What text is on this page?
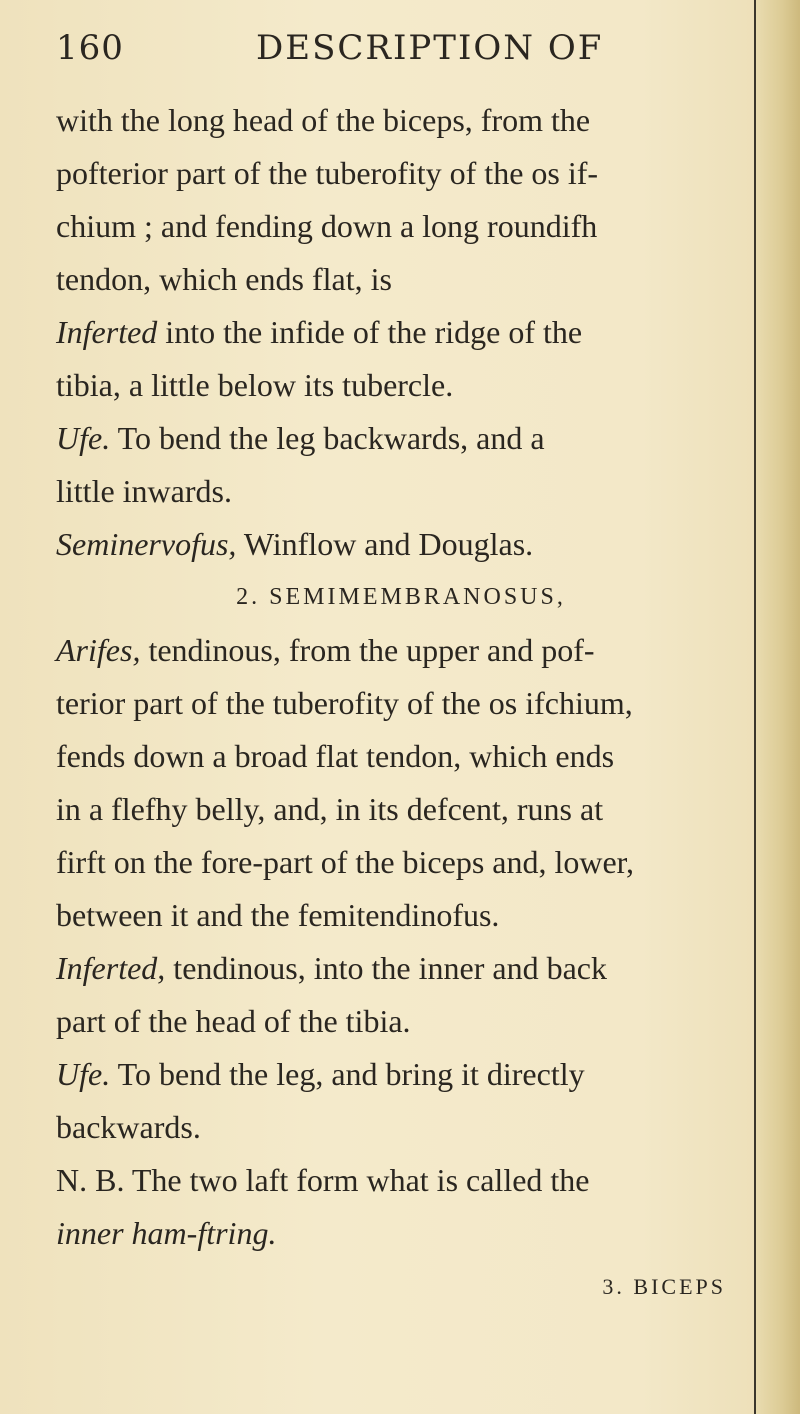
160	DESCRIPTION OF
with the long head of the biceps, from the
pofterior part of the tuberofity of the os if-
chium ; and fending down a long roundifh
tendon, which ends flat, is
Inferted into the infide of the ridge of the
tibia, a little below its tubercle.
Ufe. To bend the leg backwards, and a
little inwards.
Seminervofus, Winflow and Douglas.
2. SEMIMEMBRANOSUS,
Arifes, tendinous, from the upper and pof-
terior part of the tuberofity of the os ifchium,
fends down a broad flat tendon, which ends
in a flefhy belly, and, in its defcent, runs at
firft on the fore-part of the biceps and, lower,
between it and the femitendinofus.
Inferted, tendinous, into the inner and back
part of the head of the tibia.
Ufe. To bend the leg, and bring it directly
backwards.
N. B. The two laft form what is called the
inner ham-ftring.
3. BICEPS
